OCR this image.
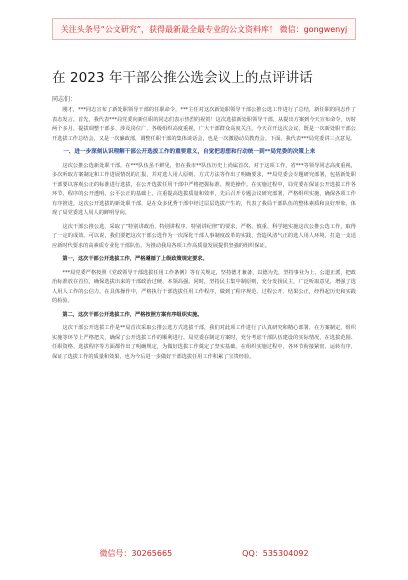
关注头条号“公文研究”，获得最新最全最专业的公文资料库！ 微信：gongwenyj
在 2023 年干部公推公选会议上的点评讲话
同志们：

刚才，***同志宣布了新处职领导干部的任职命令，***主任对这次新处职领导干部公推公选工作进行了总结，新任职的同志作了表态发言。首先，我代表***局党委向新任职的同志们表示热烈的祝贺！这次选拔新处职领导干部，从提出方案到今天宣布命令，历时两个多月，提拔调整干部多、涉及岗位广、各级组织高度重视，广大干部群众高度关注。今天召开这次会议，既是一次新处职干部公开选拔工作总结会，又是一次廉政部，调整任职干部的集体谈话会，也是一次激励动员教育会。下面，我代表***局党委讲三点意见。

一、进一步深刻认识理解干部公开选拔工作的重要意义，自觉把思想和行动统一到**局党委的决策上来

这次公推公选新处职干部，在***队伍虽不鲜见，但在我市**队伍历史上尚属首次，对于这项工作，省***等领导同志高度重视，多次听取方案制定和工作进展情况的汇报，并对选人用人原则、方式方法等作出了明确要求，**局党委会专题研究部署，包括新处职干部要以客观公正的标准进行选拔，在公开选拔任用干部中严格把握标准、规范操作。在实施过程中，局党委在保证公开选拔工作各环节、程序的公开透明、公平公正的基础上，注重提高选拔质量和效率，先后召开专题会议研究部署，严格组织实施，确保各项工作有序推进。这次公开选拔的新处职干部，是在众多优秀干部中经过层层选拔产生的，代表了我局干部队伍的整体素质和良好形象，体现了局党委选人用人的鲜明导向。

这次干部公推公选，采取了“特别讲政治、特别讲程序、特别讲纪律”的要求，严格、慎重、科学地实施这次公推公选工作，取得了一定的成效。可以说，我们要把这次干部公选作为一次深化干部人事制度改革的实践，营造风清气正的选人用人环境，打造一支适应新时代要求的高素质专业化干部队伍，为推动我局各项工作高质量发展提供坚强的组织保证。

第一，这次干部公开选拔工作，严格遵循了上级政策规定要求。

***局党委严格按照《党政领导干部选拔任用工作条例》等有关规定，坚持德才兼备、以德为先，坚持事业为上、公道正派，把政治标准放在首位，确保选拔出来的干部政治过硬、本领高强。同时，坚持民主集中制原则，充分发扬民主，广泛听取意见，增强了选人用人工作的公信力。在具体操作中，严格执行干部选拔任用工作程序，做到了程序规范、过程公开、结果公正，经得起历史和实践的检验。

第二，这次干部公开选拔工作，严格按照方案有序组织实施。

这次干部公开选拔工作是**局首次采取公推公选方式选拔干部，我们对此项工作进行了认真研究和精心部署，在方案制定、组织实施等环节上严格把关，确保了公开选拔工作的顺利进行。局党委在制定方案时，充分考虑干部队伍建设的实际情况，在选拔范围、任职资格、选拔程序等方面都作出了明确规定，为做好选拔工作奠定了坚实基础。在组织实施过程中，各环节衔接紧密、运转有序，保证了选拔工作的质量和效果，也为今后进一步做好干部选拔任用工作积累了宝贵经验。

微信号：30265665	QQ：535304092
